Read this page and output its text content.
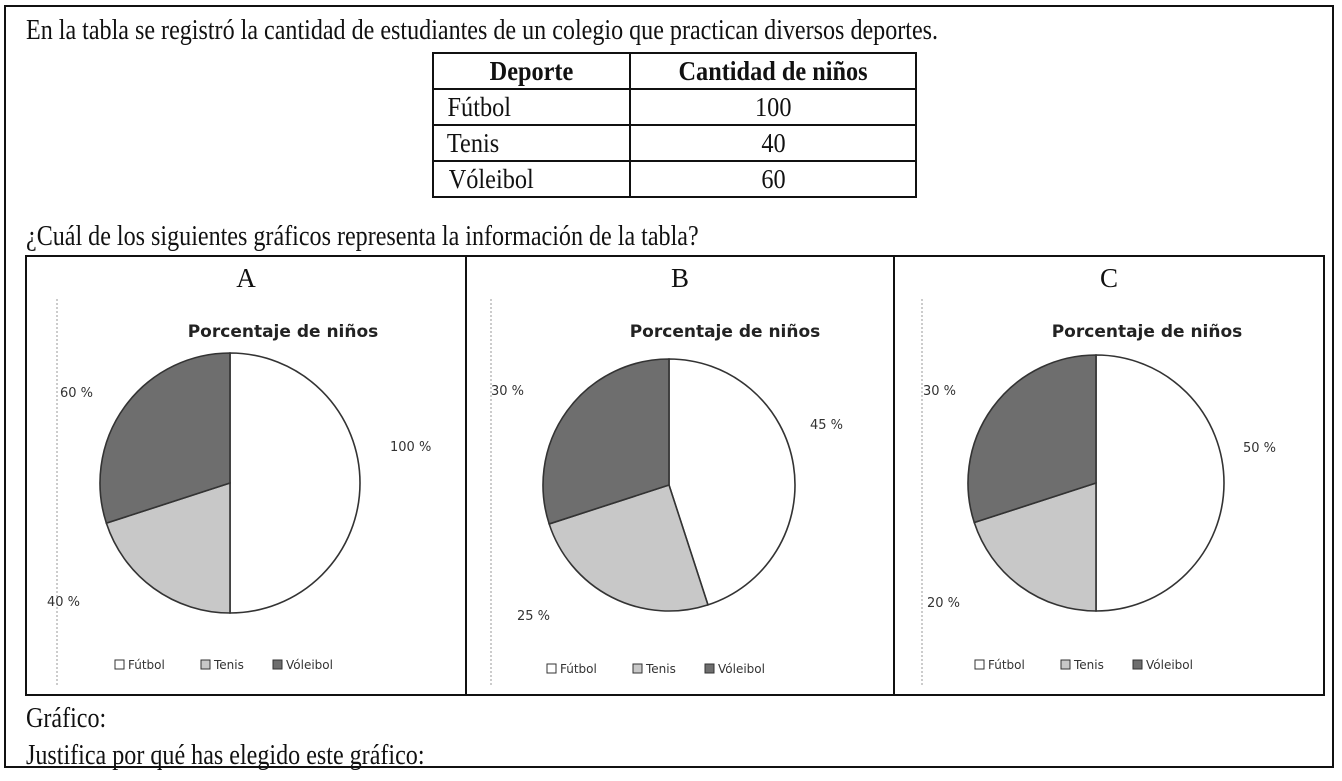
En la tabla se registró la cantidad de estudiantes de un colegio que practican diversos deportes.
Deporte	Cantidad de niños
Fútbol	100
Tenis	40
Vóleibol	60
¿Cuál de los siguientes gráficos representa la información de la tabla?
A
Porcentaje de niños
100 %
40 %
60 %
Fútbol	Tenis	Vóleibol
B
Porcentaje de niños
45 %
25 %
30 %
Fútbol	Tenis	Vóleibol
C
Porcentaje de niños
50 %
20 %
30 %
Fútbol	Tenis	Vóleibol
Gráfico:
Justifica por qué has elegido este gráfico:
